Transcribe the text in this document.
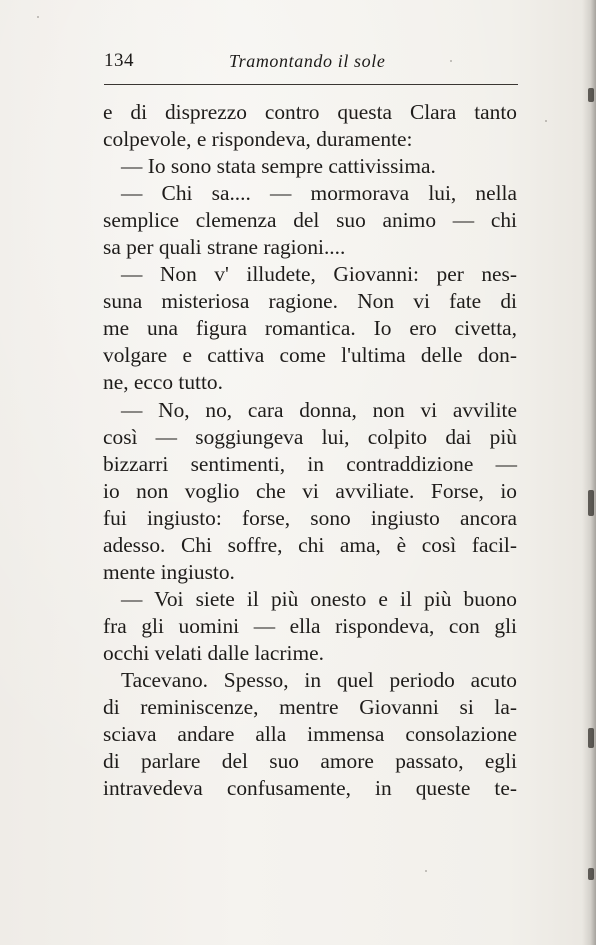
134	Tramontando il sole
e di disprezzo contro questa Clara tanto
colpevole, e rispondeva, duramente:
— Io sono stata sempre cattivissima.
— Chi sa.... — mormorava lui, nella
semplice clemenza del suo animo — chi
sa per quali strane ragioni....
— Non v' illudete, Giovanni: per nes-
suna misteriosa ragione. Non vi fate di
me una figura romantica. Io ero civetta,
volgare e cattiva come l'ultima delle don-
ne, ecco tutto.
— No, no, cara donna, non vi avvilite
così — soggiungeva lui, colpito dai più
bizzarri sentimenti, in contraddizione —
io non voglio che vi avviliate. Forse, io
fui ingiusto: forse, sono ingiusto ancora
adesso. Chi soffre, chi ama, è così facil-
mente ingiusto.
— Voi siete il più onesto e il più buono
fra gli uomini — ella rispondeva, con gli
occhi velati dalle lacrime.
Tacevano. Spesso, in quel periodo acuto
di reminiscenze, mentre Giovanni si la-
sciava andare alla immensa consolazione
di parlare del suo amore passato, egli
intravedeva confusamente, in queste te-
